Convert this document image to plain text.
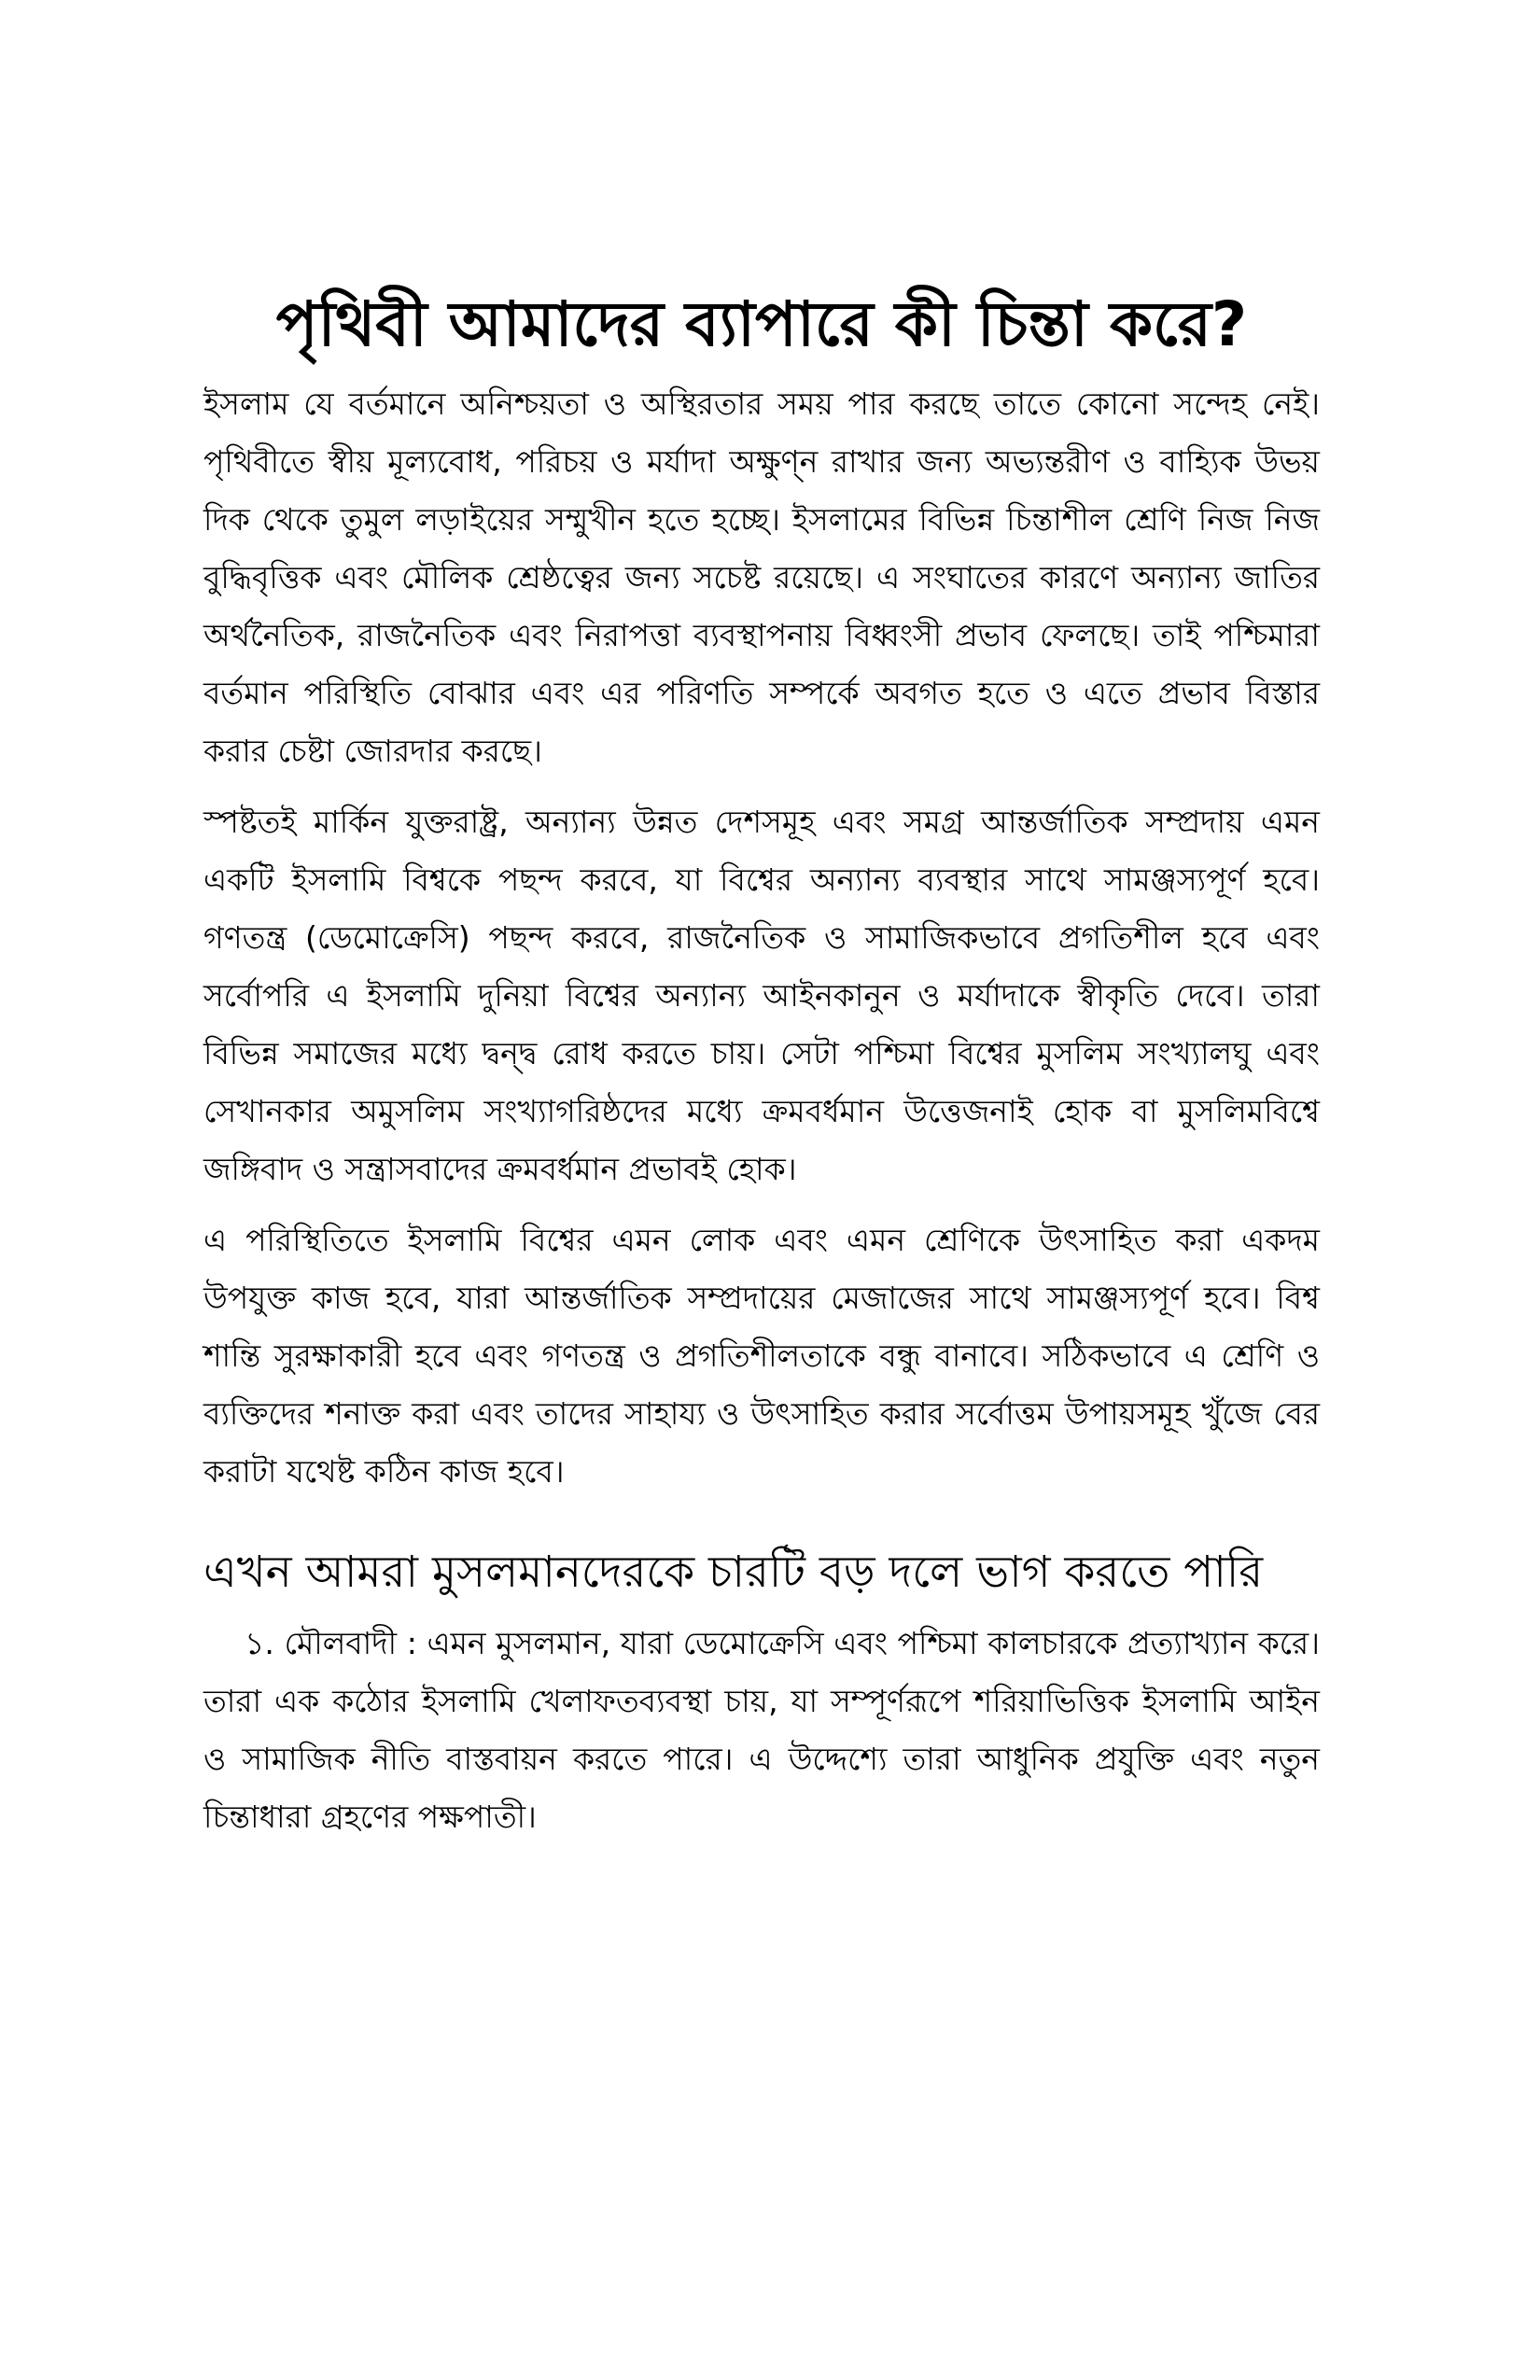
পৃথিবী আমাদের ব্যাপারে কী চিন্তা করে?

ইসলাম যে বর্তমানে অনিশ্চয়তা ও অস্থিরতার সময় পার করছে তাতে কোনো সন্দেহ নেই। পৃথিবীতে স্বীয় মূল্যবোধ, পরিচয় ও মর্যাদা অক্ষুণ্ন রাখার জন্য অভ্যন্তরীণ ও বাহ্যিক উভয় দিক থেকে তুমুল লড়াইয়ের সম্মুখীন হতে হচ্ছে। ইসলামের বিভিন্ন চিন্তাশীল শ্রেণি নিজ নিজ বুদ্ধিবৃত্তিক এবং মৌলিক শ্রেষ্ঠত্বের জন্য সচেষ্ট রয়েছে। এ সংঘাতের কারণে অন্যান্য জাতির অর্থনৈতিক, রাজনৈতিক এবং নিরাপত্তা ব্যবস্থাপনায় বিধ্বংসী প্রভাব ফেলছে। তাই পশ্চিমারা বর্তমান পরিস্থিতি বোঝার এবং এর পরিণতি সম্পর্কে অবগত হতে ও এতে প্রভাব বিস্তার করার চেষ্টা জোরদার করছে।

স্পষ্টতই মার্কিন যুক্তরাষ্ট্র, অন্যান্য উন্নত দেশসমূহ এবং সমগ্র আন্তর্জাতিক সম্প্রদায় এমন একটি ইসলামি বিশ্বকে পছন্দ করবে, যা বিশ্বের অন্যান্য ব্যবস্থার সাথে সামঞ্জস্যপূর্ণ হবে। গণতন্ত্র (ডেমোক্রেসি) পছন্দ করবে, রাজনৈতিক ও সামাজিকভাবে প্রগতিশীল হবে এবং সর্বোপরি এ ইসলামি দুনিয়া বিশ্বের অন্যান্য আইনকানুন ও মর্যাদাকে স্বীকৃতি দেবে। তারা বিভিন্ন সমাজের মধ্যে দ্বন্দ্ব রোধ করতে চায়। সেটা পশ্চিমা বিশ্বের মুসলিম সংখ্যালঘু এবং সেখানকার অমুসলিম সংখ্যাগরিষ্ঠদের মধ্যে ক্রমবর্ধমান উত্তেজনাই হোক বা মুসলিমবিশ্বে জঙ্গিবাদ ও সন্ত্রাসবাদের ক্রমবর্ধমান প্রভাবই হোক।

এ পরিস্থিতিতে ইসলামি বিশ্বের এমন লোক এবং এমন শ্রেণিকে উৎসাহিত করা একদম উপযুক্ত কাজ হবে, যারা আন্তর্জাতিক সম্প্রদায়ের মেজাজের সাথে সামঞ্জস্যপূর্ণ হবে। বিশ্ব শান্তি সুরক্ষাকারী হবে এবং গণতন্ত্র ও প্রগতিশীলতাকে বন্ধু বানাবে। সঠিকভাবে এ শ্রেণি ও ব্যক্তিদের শনাক্ত করা এবং তাদের সাহায্য ও উৎসাহিত করার সর্বোত্তম উপায়সমূহ খুঁজে বের করাটা যথেষ্ট কঠিন কাজ হবে।

এখন আমরা মুসলমানদেরকে চারটি বড় দলে ভাগ করতে পারি

১. মৌলবাদী : এমন মুসলমান, যারা ডেমোক্রেসি এবং পশ্চিমা কালচারকে প্রত্যাখ্যান করে। তারা এক কঠোর ইসলামি খেলাফতব্যবস্থা চায়, যা সম্পূর্ণরূপে শরিয়াভিত্তিক ইসলামি আইন ও সামাজিক নীতি বাস্তবায়ন করতে পারে। এ উদ্দেশ্যে তারা আধুনিক প্রযুক্তি এবং নতুন চিন্তাধারা গ্রহণের পক্ষপাতী।
